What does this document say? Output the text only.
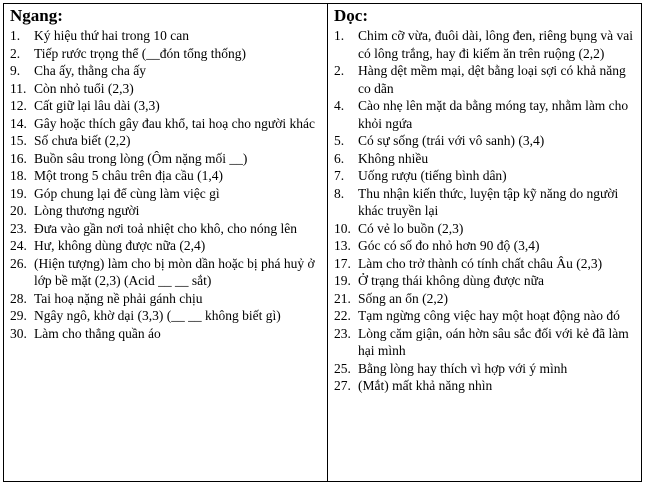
Ngang:
1.	Ký hiệu thứ hai trong 10 can
2.	Tiếp rước trọng thể (__đón tổng thống)
9.	Cha ấy, thằng cha ấy
11. Còn nhỏ tuổi (2,3)
12. Cất giữ lại lâu dài (3,3)
14. Gây hoặc thích gây đau khổ, tai hoạ cho người khác
15. Số chưa biết (2,2)
16. Buồn sâu trong lòng (Ôm nặng mối __)
18. Một trong 5 châu trên địa cầu (1,4)
19. Góp chung lại để cùng làm việc gì
20. Lòng thương người
23. Đưa vào gần nơi toả nhiệt cho khô, cho nóng lên
24. Hư, không dùng được nữa (2,4)
26. (Hiện tượng) làm cho bị mòn dần hoặc bị phá huỷ ở lớp bề mặt (2,3) (Acid __ __ sắt)
28. Tai hoạ nặng nề phải gánh chịu
29. Ngây ngô, khờ dại (3,3) (__ __ không biết gì)
30. Làm cho thẳng quần áo
Dọc:
1.	Chim cỡ vừa, đuôi dài, lông đen, riêng bụng và vai có lông trắng, hay đi kiếm ăn trên ruộng (2,2)
2.	Hàng dệt mềm mại, dệt bằng loại sợi có khả năng co dãn
4.	Cào nhẹ lên mặt da bằng móng tay, nhằm làm cho khỏi ngứa
5.	Có sự sống (trái với vô sanh) (3,4)
6.	Không nhiều
7.	Uống rượu (tiếng bình dân)
8.	Thu nhận kiến thức, luyện tập kỹ năng do người khác truyền lại
10. Có vẻ lo buồn (2,3)
13. Góc có số đo nhỏ hơn 90 độ (3,4)
17. Làm cho trở thành có tính chất châu Âu (2,3)
19. Ở trạng thái không dùng được nữa
21. Sống an ổn (2,2)
22. Tạm ngừng công việc hay một hoạt động nào đó
23. Lòng căm giận, oán hờn sâu sắc đối với kẻ đã làm hại mình
25. Bằng lòng hay thích vì hợp với ý mình
27. (Mắt) mất khả năng nhìn
